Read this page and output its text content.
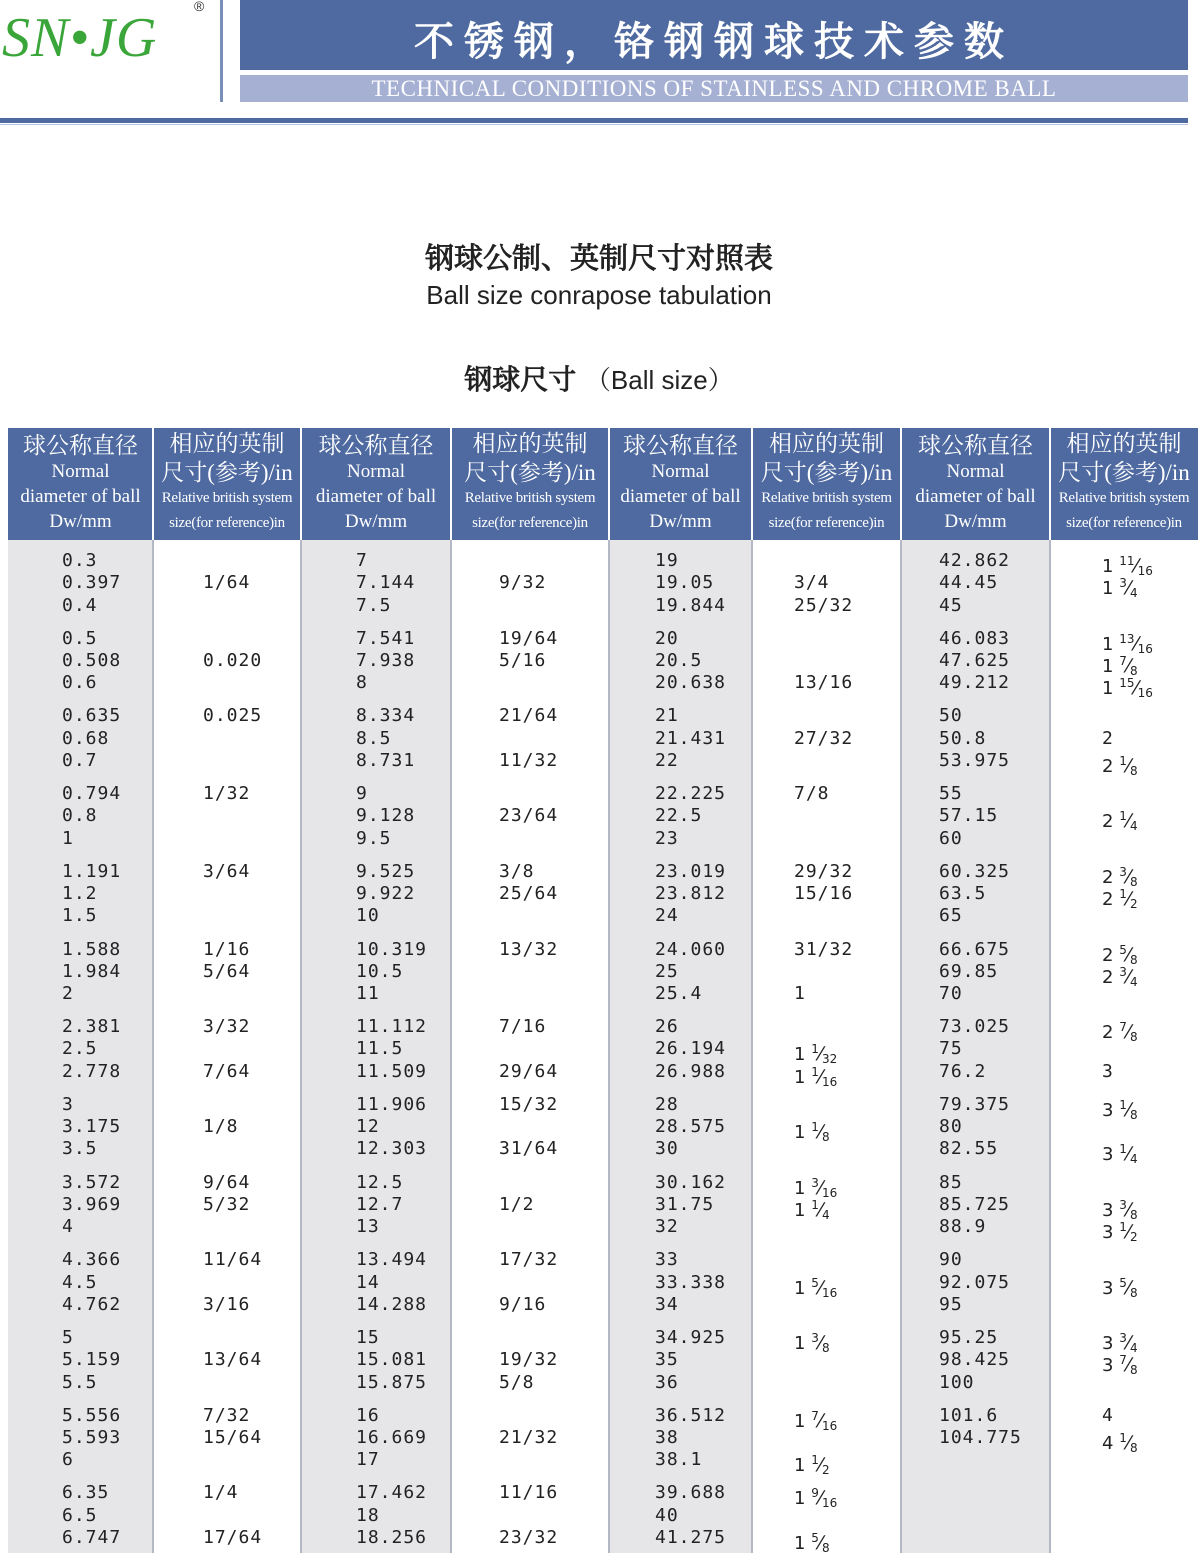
SN•JG
®
不锈钢，铬钢钢球技术参数
TECHNICAL CONDITIONS OF STAINLESS AND CHROME BALL
钢球公制、英制尺寸对照表
Ball size conrapose tabulation
钢球尺寸 （Ball size）
球公称直径
Normal
diameter of ball
Dw/mm
相应的英制
尺寸(参考)/in
Relative british system
size(for reference)in
球公称直径
Normal
diameter of ball
Dw/mm
相应的英制
尺寸(参考)/in
Relative british system
size(for reference)in
球公称直径
Normal
diameter of ball
Dw/mm
相应的英制
尺寸(参考)/in
Relative british system
size(for reference)in
球公称直径
Normal
diameter of ball
Dw/mm
相应的英制
尺寸(参考)/in
Relative british system
size(for reference)in
0.3
0.397
0.4
1/64
0.5
0.508
0.6
0.020
0.635
0.68
0.7
0.025
0.794
0.8
1
1/32
1.191
1.2
1.5
3/64
1.588
1.984
2
1/16
5/64
2.381
2.5
2.778
3/32
7/64
3
3.175
3.5
1/8
3.572
3.969
4
9/64
5/32
4.366
4.5
4.762
11/64
3/16
5
5.159
5.5
13/64
5.556
5.593
6
7/32
15/64
6.35
6.5
6.747
1/4
17/64
7
7.144
7.5
9/32
7.541
7.938
8
19/64
5/16
8.334
8.5
8.731
21/64
11/32
9
9.128
9.5
23/64
9.525
9.922
10
3/8
25/64
10.319
10.5
11
13/32
11.112
11.5
11.509
7/16
29/64
11.906
12
12.303
15/32
31/64
12.5
12.7
13
1/2
13.494
14
14.288
17/32
9/16
15
15.081
15.875
19/32
5/8
16
16.669
17
21/32
17.462
18
18.256
11/16
23/32
19
19.05
19.844
3/4
25/32
20
20.5
20.638	13/16
21
21.431
22
27/32
22.225
22.5
23
7/8
23.019
23.812
24
29/32
15/16
24.060
25
25.4
31/32
1
26
26.194
26.988
1 $^1⁄_{32}$
1 $^1⁄_{16}$
28
28.575
30
1 $^1⁄_8$
30.162
31.75
32
1 $^3⁄_{16}$
1 $^1⁄_4$
33
33.338
34
1 $^5⁄_{16}$
34.925
35
36
1 $^3⁄_8$
36.512
38
38.1
1 $^7⁄_{16}$
1 $^1⁄_2$
39.688
40
41.275
1 $^9⁄_{16}$
1 $^5⁄_8$
42.862
44.45
45
1 $^{11}⁄_{16}$
1 $^3⁄_4$
46.083
47.625
49.212
1 $^{13}⁄_{16}$
1 $^7⁄_8$
1 $^{15}⁄_{16}$
50
50.8
53.975
2
2 $^1⁄_8$
55
57.15
60
2 $^1⁄_4$
60.325
63.5
65
2 $^3⁄_8$
2 $^1⁄_2$
66.675
69.85
70
2 $^5⁄_8$
2 $^3⁄_4$
73.025
75
76.2
2 $^7⁄_8$
3
79.375
80
82.55
3 $^1⁄_8$
3 $^1⁄_4$
85
85.725
88.9
3 $^3⁄_8$
3 $^1⁄_2$
90
92.075
95
3 $^5⁄_8$
95.25
98.425
100
3 $^3⁄_4$
3 $^7⁄_8$
101.6
104.775
4
4 $^1⁄_8$
